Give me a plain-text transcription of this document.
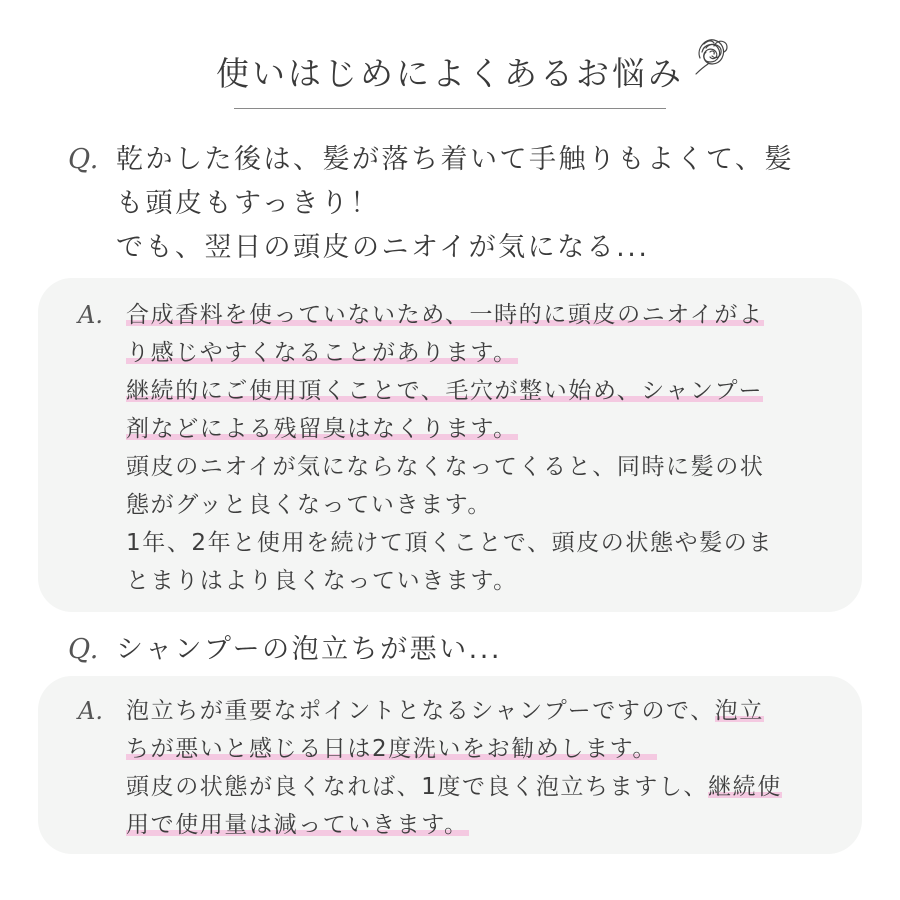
使いはじめによくあるお悩み
Q. 乾かした後は、髪が落ち着いて手触りもよくて、髪
も頭皮もすっきり！
でも、翌日の頭皮のニオイが気になる...
A. 合成香料を使っていないため、一時的に頭皮のニオイがよ
り感じやすくなることがあります。
継続的にご使用頂くことで、毛穴が整い始め、シャンプー
剤などによる残留臭はなくります。
頭皮のニオイが気にならなくなってくると、同時に髪の状
態がグッと良くなっていきます。
1年、2年と使用を続けて頂くことで、頭皮の状態や髪のま
とまりはより良くなっていきます。
Q. シャンプーの泡立ちが悪い...
A. 泡立ちが重要なポイントとなるシャンプーですので、泡立
ちが悪いと感じる日は2度洗いをお勧めします。
頭皮の状態が良くなれば、1度で良く泡立ちますし、継続使
用で使用量は減っていきます。
